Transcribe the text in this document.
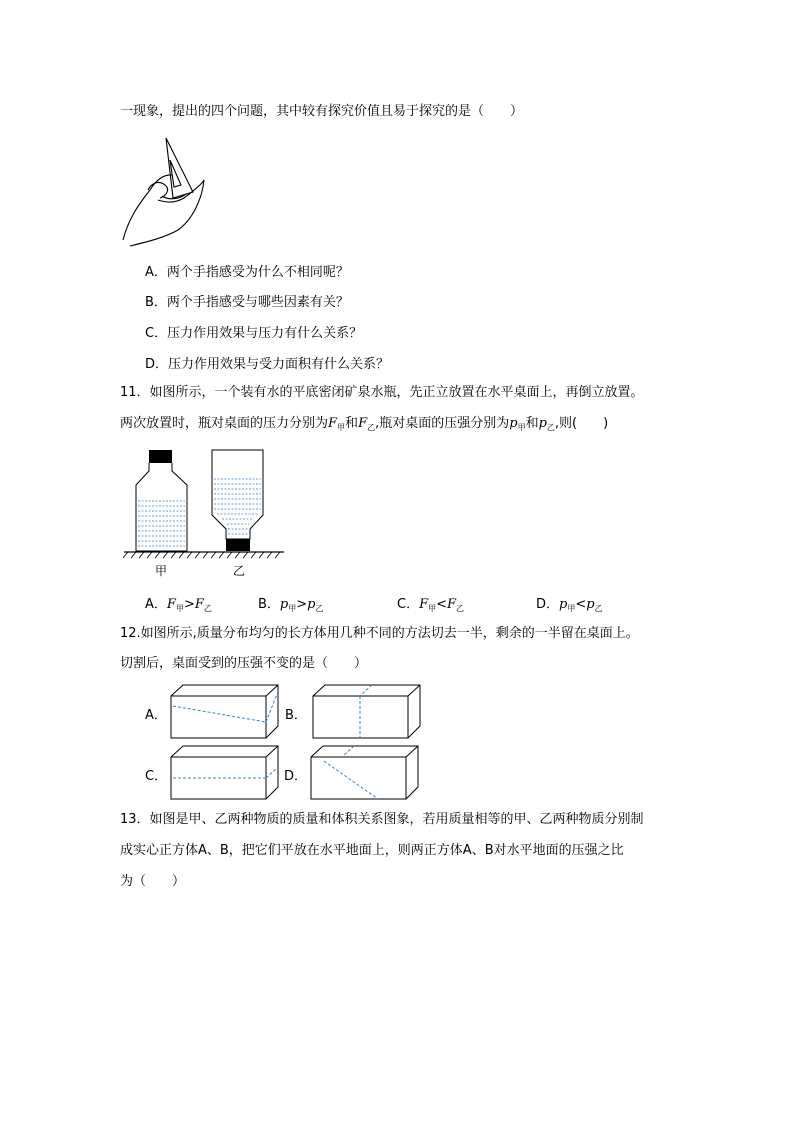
一现象，提出的四个问题，其中较有探究价值且易于探究的是（　　）
A．两个手指感受为什么不相同呢？
B．两个手指感受与哪些因素有关？
C．压力作用效果与压力有什么关系？
D．压力作用效果与受力面积有什么关系？
11．如图所示，一个装有水的平底密闭矿泉水瓶，先正立放置在水平桌面上，再倒立放置。
两次放置时，瓶对桌面的压力分别为$F_甲$和$F_乙$,瓶对桌面的压强分别为$p_甲$和$p_乙$,则(　　)
甲	乙
A．$F_甲>F_乙$	B．$p_甲>p_乙$	C．$F_甲<F_乙$	D．$p_甲<p_乙$
12.如图所示,质量分布均匀的长方体用几种不同的方法切去一半，剩余的一半留在桌面上。
切割后，桌面受到的压强不变的是（　　）
A．	B．
C．	D．
13．如图是甲、乙两种物质的质量和体积关系图象，若用质量相等的甲、乙两种物质分别制
成实心正方体A、B，把它们平放在水平地面上，则两正方体A、B对水平地面的压强之比
为（　　）
